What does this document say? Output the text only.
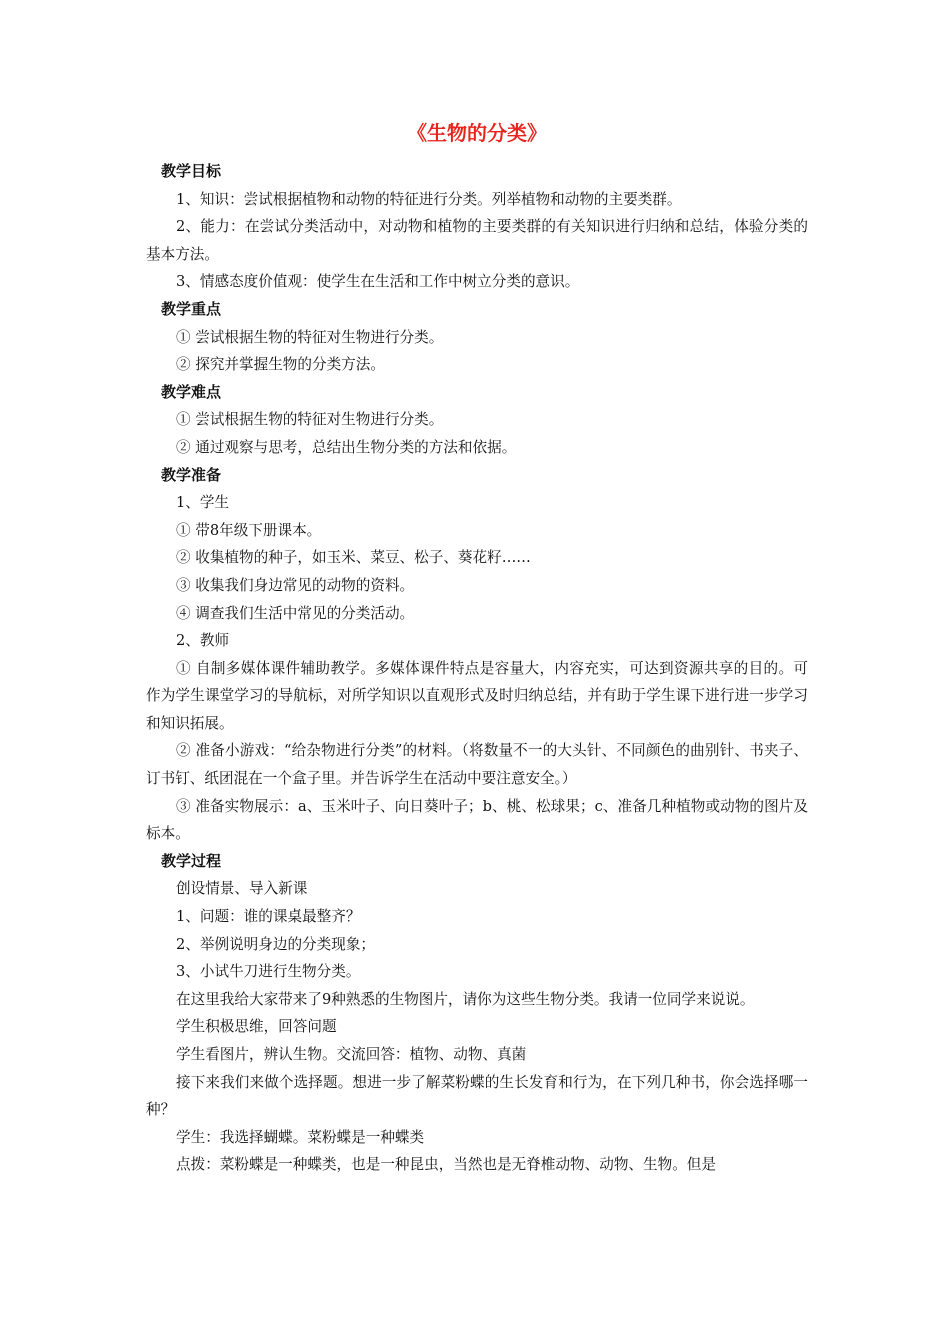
《生物的分类》
教学目标

1、知识：尝试根据植物和动物的特征进行分类。列举植物和动物的主要类群。

2、能力：在尝试分类活动中，对动物和植物的主要类群的有关知识进行归纳和总结，体验分类的基本方法。

3、情感态度价值观：使学生在生活和工作中树立分类的意识。

教学重点

① 尝试根据生物的特征对生物进行分类。

② 探究并掌握生物的分类方法。

教学难点

① 尝试根据生物的特征对生物进行分类。

② 通过观察与思考，总结出生物分类的方法和依据。

教学准备

1、学生

① 带8年级下册课本。

② 收集植物的种子，如玉米、菜豆、松子、葵花籽……

③ 收集我们身边常见的动物的资料。

④ 调查我们生活中常见的分类活动。

2、教师

① 自制多媒体课件辅助教学。多媒体课件特点是容量大，内容充实，可达到资源共享的目的。可作为学生课堂学习的导航标，对所学知识以直观形式及时归纳总结，并有助于学生课下进行进一步学习和知识拓展。

② 准备小游戏：“给杂物进行分类”的材料。（将数量不一的大头针、不同颜色的曲别针、书夹子、订书钉、纸团混在一个盒子里。并告诉学生在活动中要注意安全。）

③ 准备实物展示：a、玉米叶子、向日葵叶子；b、桃、松球果；c、准备几种植物或动物的图片及标本。

教学过程

创设情景、导入新课

1、问题：谁的课桌最整齐？

2、举例说明身边的分类现象；

3、小试牛刀进行生物分类。

在这里我给大家带来了9种熟悉的生物图片，请你为这些生物分类。我请一位同学来说说。

学生积极思维，回答问题

学生看图片，辨认生物。交流回答：植物、动物、真菌

接下来我们来做个选择题。想进一步了解菜粉蝶的生长发育和行为，在下列几种书，你会选择哪一种？

学生：我选择蝴蝶。菜粉蝶是一种蝶类

点拨：菜粉蝶是一种蝶类，也是一种昆虫，当然也是无脊椎动物、动物、生物。但是
